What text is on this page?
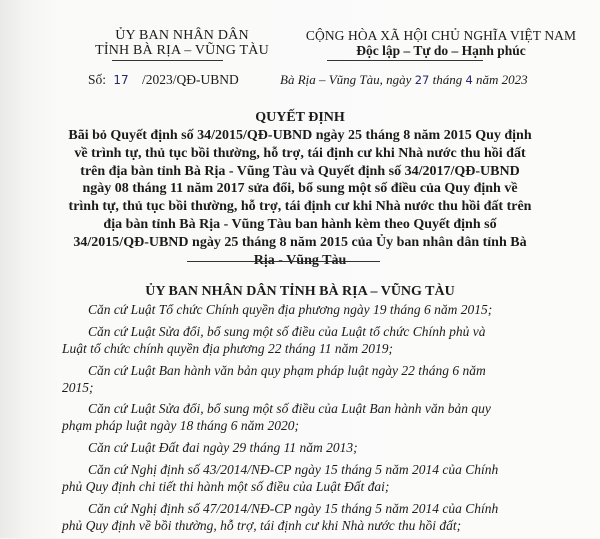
ỦY BAN NHÂN DÂN
TỈNH BÀ RỊA – VŨNG TÀU
Số: 17 /2023/QĐ-UBND
CỘNG HÒA XÃ HỘI CHỦ NGHĨA VIỆT NAM
Độc lập – Tự do – Hạnh phúc
Bà Rịa – Vũng Tàu, ngày 27 tháng 4 năm 2023
QUYẾT ĐỊNH
Bãi bỏ Quyết định số 34/2015/QĐ-UBND ngày 25 tháng 8 năm 2015 Quy định
về trình tự, thủ tục bồi thường, hỗ trợ, tái định cư khi Nhà nước thu hồi đất
trên địa bàn tỉnh Bà Rịa - Vũng Tàu và Quyết định số 34/2017/QĐ-UBND
ngày 08 tháng 11 năm 2017 sửa đổi, bổ sung một số điều của Quy định về
trình tự, thủ tục bồi thường, hỗ trợ, tái định cư khi Nhà nước thu hồi đất trên
địa bàn tỉnh Bà Rịa - Vũng Tàu ban hành kèm theo Quyết định số
34/2015/QĐ-UBND ngày 25 tháng 8 năm 2015 của Ủy ban nhân dân tỉnh Bà
ỦY BAN NHÂN DÂN TỈNH BÀ RỊA – VŨNG TÀU
Căn cứ Luật Tổ chức Chính quyền địa phương ngày 19 tháng 6 năm 2015;
Căn cứ Luật Sửa đổi, bổ sung một số điều của Luật tổ chức Chính phủ và
Luật tổ chức chính quyền địa phương 22 tháng 11 năm 2019;
Căn cứ Luật Ban hành văn bản quy phạm pháp luật ngày 22 tháng 6 năm
2015;
Căn cứ Luật Sửa đổi, bổ sung một số điều của Luật Ban hành văn bản quy
phạm pháp luật ngày 18 tháng 6 năm 2020;
Căn cứ Luật Đất đai ngày 29 tháng 11 năm 2013;
Căn cứ Nghị định số 43/2014/NĐ-CP ngày 15 tháng 5 năm 2014 của Chính
phủ Quy định chi tiết thi hành một số điều của Luật Đất đai;
Căn cứ Nghị định số 47/2014/NĐ-CP ngày 15 tháng 5 năm 2014 của Chính
phủ Quy định về bồi thường, hỗ trợ, tái định cư khi Nhà nước thu hồi đất;
